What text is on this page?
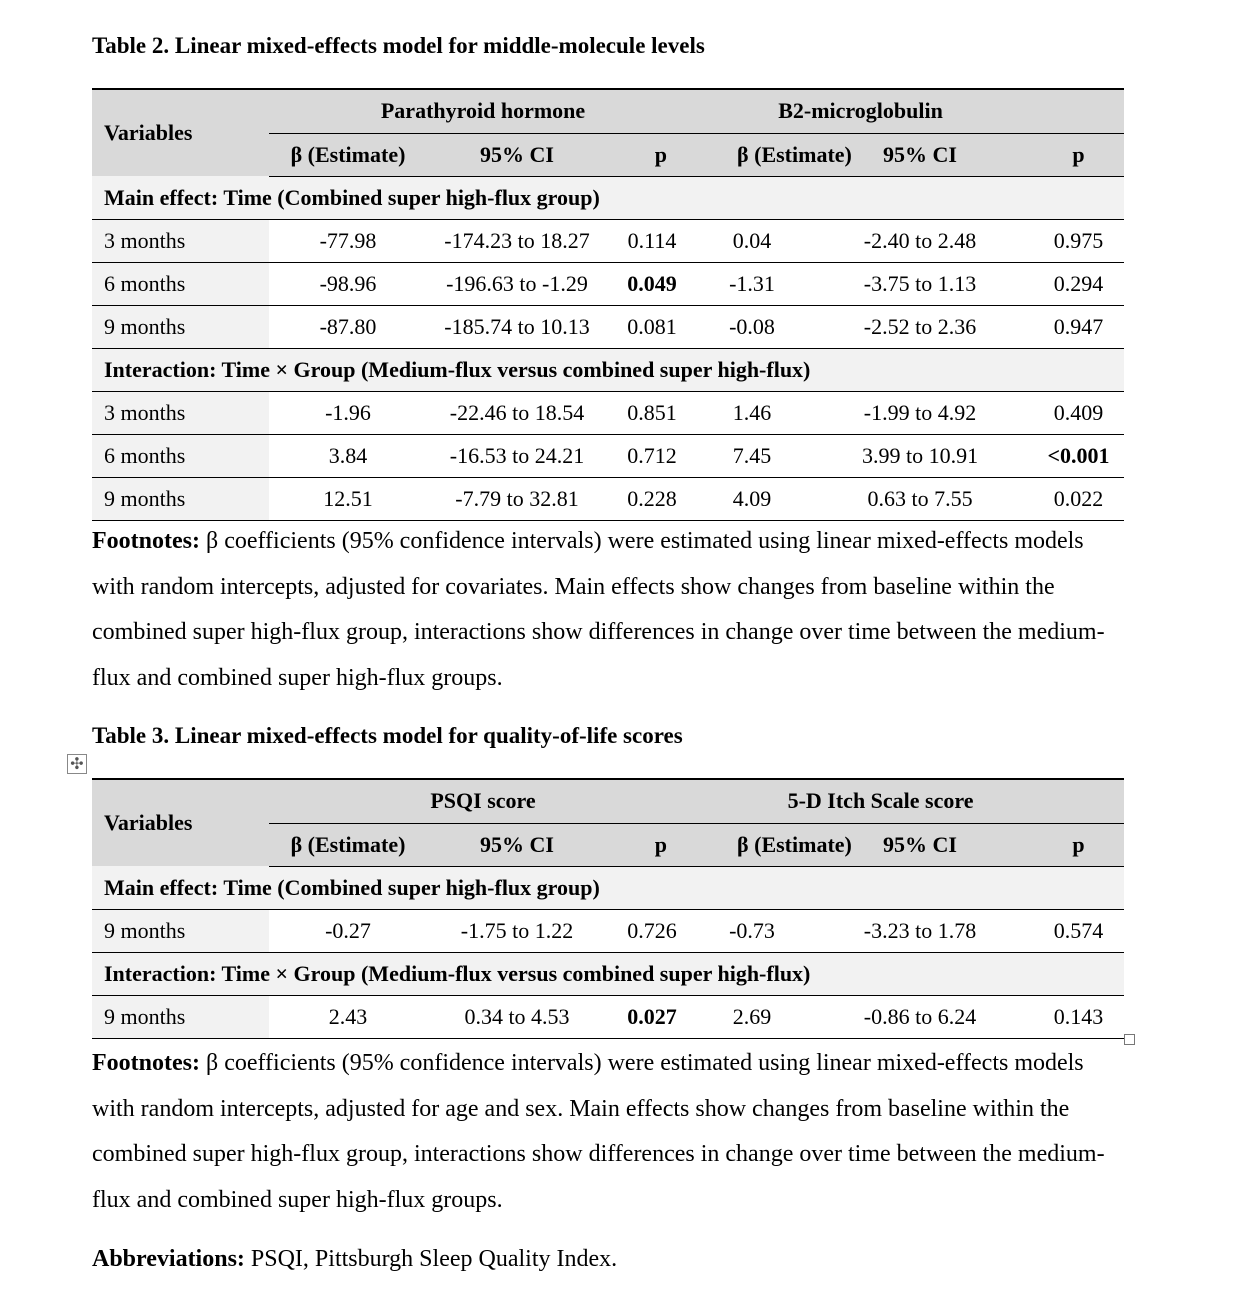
✣
Table 2. Linear mixed-effects model for middle-molecule levels
Variables	Parathyroid hormone			B2-microglobulin		
	β (Estimate)	95% CI	p	β (Estimate)	95% CI	p
Main effect: Time (Combined super high-flux group)						
3 months	-77.98	-174.23 to 18.27	0.114	0.04	-2.40 to 2.48	0.975
6 months	-98.96	-196.63 to -1.29	0.049	-1.31	-3.75 to 1.13	0.294
9 months	-87.80	-185.74 to 10.13	0.081	-0.08	-2.52 to 2.36	0.947
Interaction: Time × Group (Medium-flux versus combined super high-flux)						
3 months	-1.96	-22.46 to 18.54	0.851	1.46	-1.99 to 4.92	0.409
6 months	3.84	-16.53 to 24.21	0.712	7.45	3.99 to 10.91	<0.001
9 months	12.51	-7.79 to 32.81	0.228	4.09	0.63 to 7.55	0.022
Footnotes: β coefficients (95% confidence intervals) were estimated using linear mixed-effects models with random intercepts, adjusted for covariates. Main effects show changes from baseline within the combined super high-flux group, interactions show differences in change over time between the medium-flux and combined super high-flux groups.
Table 3. Linear mixed-effects model for quality-of-life scores
Variables	PSQI score			5-D Itch Scale score		
	β (Estimate)	95% CI	p	β (Estimate)	95% CI	p
Main effect: Time (Combined super high-flux group)						
9 months	-0.27	-1.75 to 1.22	0.726	-0.73	-3.23 to 1.78	0.574
Interaction: Time × Group (Medium-flux versus combined super high-flux)						
9 months	2.43	0.34 to 4.53	0.027	2.69	-0.86 to 6.24	0.143
Footnotes: β coefficients (95% confidence intervals) were estimated using linear mixed-effects models with random intercepts, adjusted for age and sex. Main effects show changes from baseline within the combined super high-flux group, interactions show differences in change over time between the medium-flux and combined super high-flux groups.
Abbreviations: PSQI, Pittsburgh Sleep Quality Index.
